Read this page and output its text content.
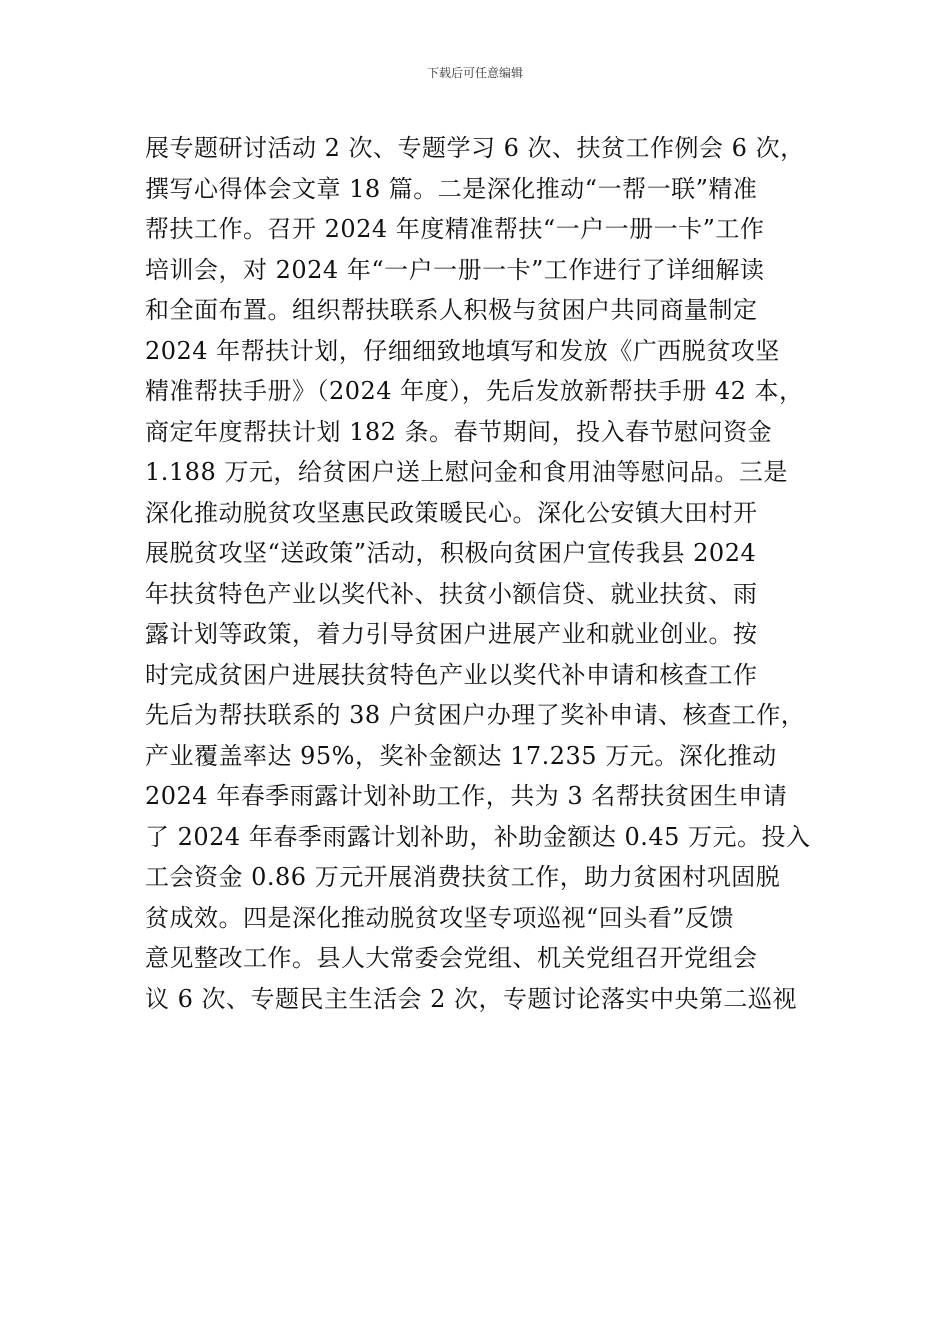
下载后可任意编辑
展专题研讨活动 2 次、专题学习 6 次、扶贫工作例会 6 次，
撰写心得体会文章 18 篇。二是深化推动“一帮一联”精准
帮扶工作。召开 2024 年度精准帮扶“一户一册一卡”工作
培训会，对 2024 年“一户一册一卡”工作进行了详细解读
和全面布置。组织帮扶联系人积极与贫困户共同商量制定
2024 年帮扶计划，仔细细致地填写和发放《广西脱贫攻坚
精准帮扶手册》（2024 年度），先后发放新帮扶手册 42 本，
商定年度帮扶计划 182 条。春节期间，投入春节慰问资金
1.188 万元，给贫困户送上慰问金和食用油等慰问品。三是
深化推动脱贫攻坚惠民政策暖民心。深化公安镇大田村开
展脱贫攻坚“送政策”活动，积极向贫困户宣传我县 2024
年扶贫特色产业以奖代补、扶贫小额信贷、就业扶贫、雨
露计划等政策，着力引导贫困户进展产业和就业创业。按
时完成贫困户进展扶贫特色产业以奖代补申请和核查工作
先后为帮扶联系的 38 户贫困户办理了奖补申请、核查工作，
产业覆盖率达 95%，奖补金额达 17.235 万元。深化推动
2024 年春季雨露计划补助工作，共为 3 名帮扶贫困生申请
了 2024 年春季雨露计划补助，补助金额达 0.45 万元。投入
工会资金 0.86 万元开展消费扶贫工作，助力贫困村巩固脱
贫成效。四是深化推动脱贫攻坚专项巡视“回头看”反馈
意见整改工作。县人大常委会党组、机关党组召开党组会
议 6 次、专题民主生活会 2 次，专题讨论落实中央第二巡视
